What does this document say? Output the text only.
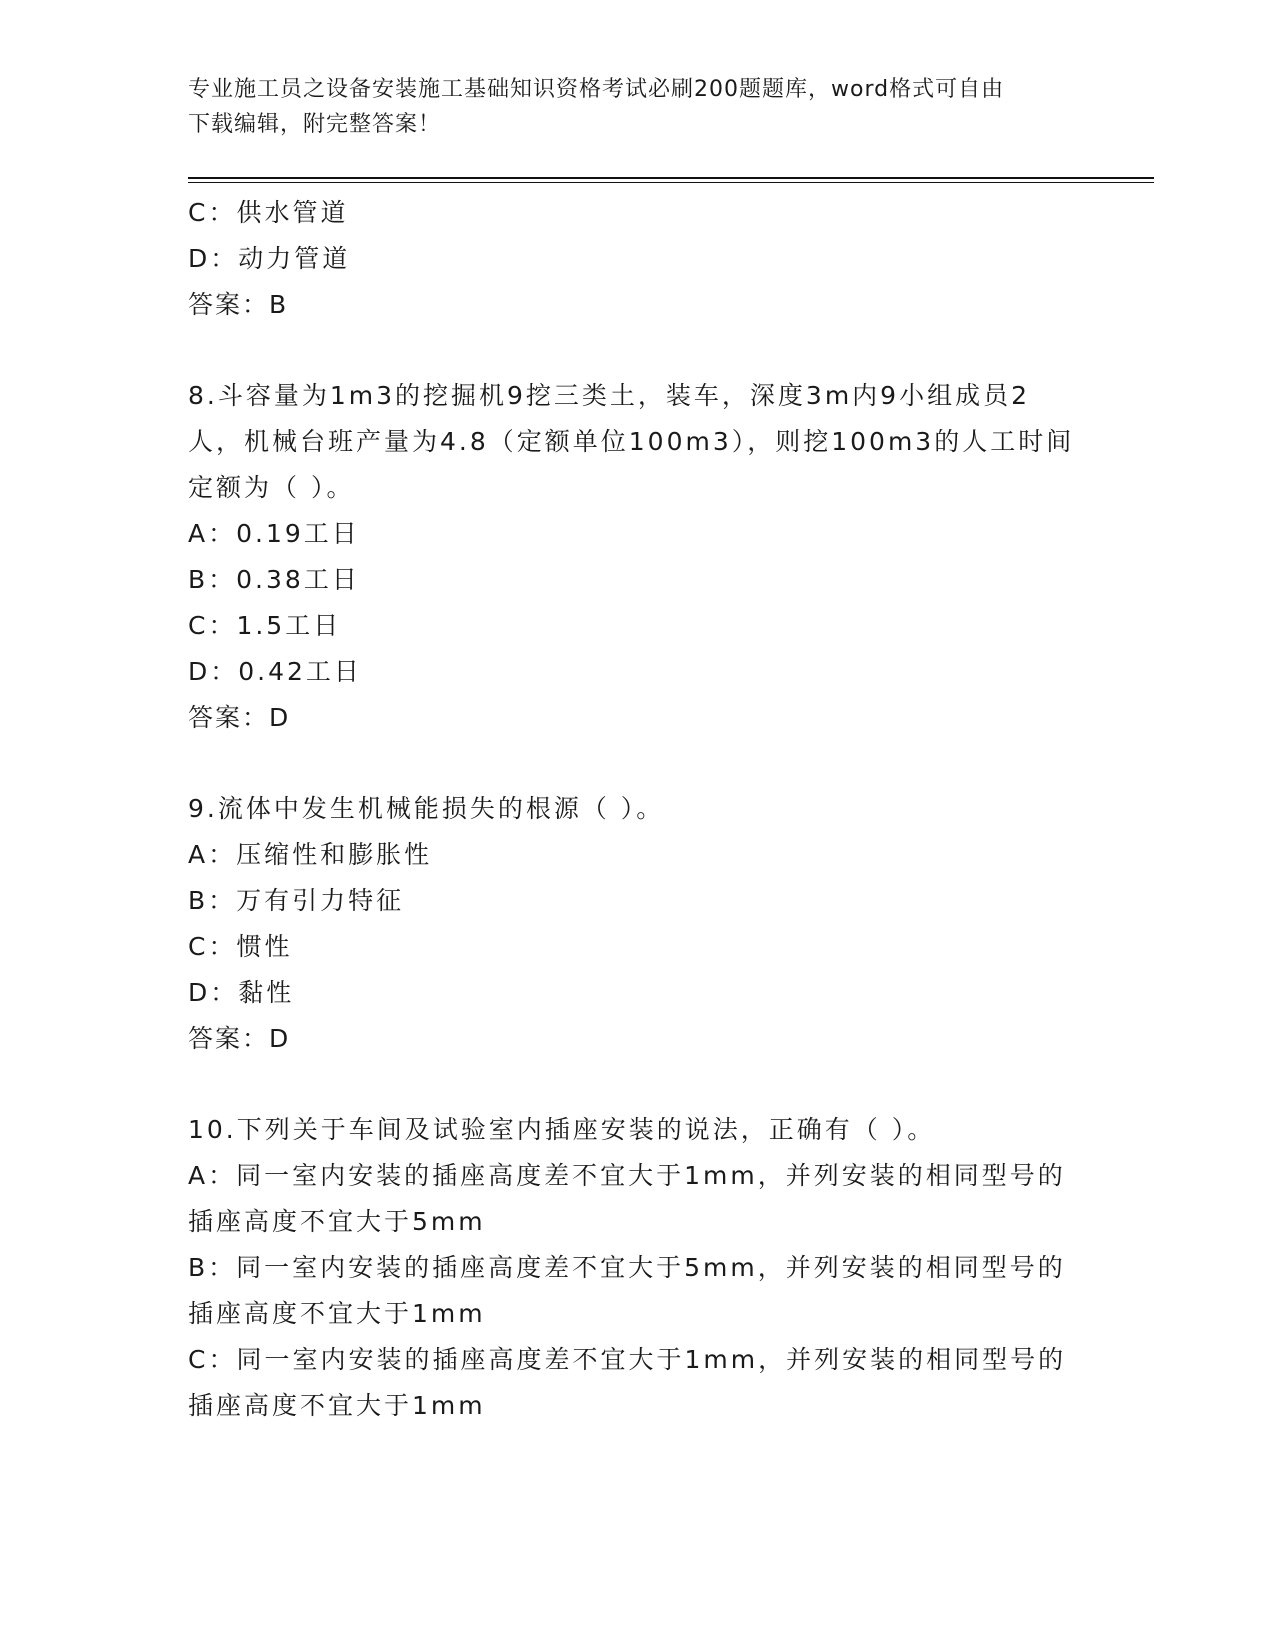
专业施工员之设备安装施工基础知识资格考试必刷200题题库，word格式可自由
下载编辑，附完整答案！
C：供水管道
D：动力管道
答案：B
8.斗容量为1m3的挖掘机9挖三类土，装车，深度3m内9小组成员2
人，机械台班产量为4.8（定额单位100m3），则挖100m3的人工时间
定额为（ ）。
A：0.19工日
B：0.38工日
C：1.5工日
D：0.42工日
答案：D
9.流体中发生机械能损失的根源（ ）。
A：压缩性和膨胀性
B：万有引力特征
C：惯性
D：黏性
答案：D
10.下列关于车间及试验室内插座安装的说法，正确有（ ）。
A：同一室内安装的插座高度差不宜大于1mm，并列安装的相同型号的
插座高度不宜大于5mm
B：同一室内安装的插座高度差不宜大于5mm，并列安装的相同型号的
插座高度不宜大于1mm
C：同一室内安装的插座高度差不宜大于1mm，并列安装的相同型号的
插座高度不宜大于1mm
